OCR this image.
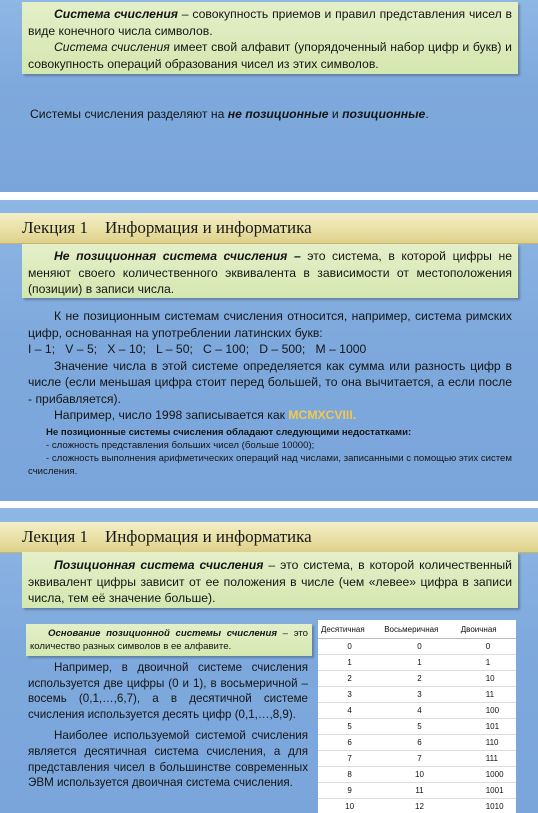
Система счисления – совокупность приемов и правил представления чисел в виде конечного числа символов.
Система счисления имеет свой алфавит (упорядоченный набор цифр и букв) и совокупность операций образования чисел из этих символов.
Системы счисления разделяют на не позиционные и позиционные.
Лекция 1    Информация и информатика
Не позиционная система счисления – это система, в которой цифры не меняют своего количественного эквивалента в зависимости от местоположения (позиции) в записи числа.
К не позиционным системам счисления относится, например, система римских цифр, основанная на употреблении латинских букв:
I – 1;   V – 5;   X – 10;   L – 50;   C – 100;   D – 500;   M – 1000
Значение числа в этой системе определяется как сумма или разность цифр в числе (если меньшая цифра стоит перед большей, то она вычитается, а если после - прибавляется).
Например, число 1998 записывается как MCMXCVIII.
Не позиционные системы счисления обладают следующими недостатками:
- сложность представления больших чисел (больше 10000);
- сложность выполнения арифметических операций над числами, записанными с помощью этих систем счисления.
Лекция 1    Информация и информатика
Позиционная система счисления – это система, в которой количественный эквивалент цифры зависит от ее положения в числе (чем «левее» цифра в записи числа, тем её значение больше).
Основание позиционной системы счисления – это количество разных символов в ее алфавите.
Например, в двоичной системе счисления используется две цифры (0 и 1), в восьмеричной – восемь (0,1,…,6,7), а в десятичной системе счисления используется десять цифр (0,1,…,8,9).
Наиболее используемой системой счисления является десятичная система счисления, а для представления чисел в большинстве современных ЭВМ используется двоичная система счисления.
Десятичная	Восьмеричная	Двоичная
0	0	0
1	1	1
2	2	10
3	3	11
4	4	100
5	5	101
6	6	110
7	7	111
8	10	1000
9	11	1001
10	12	1010
